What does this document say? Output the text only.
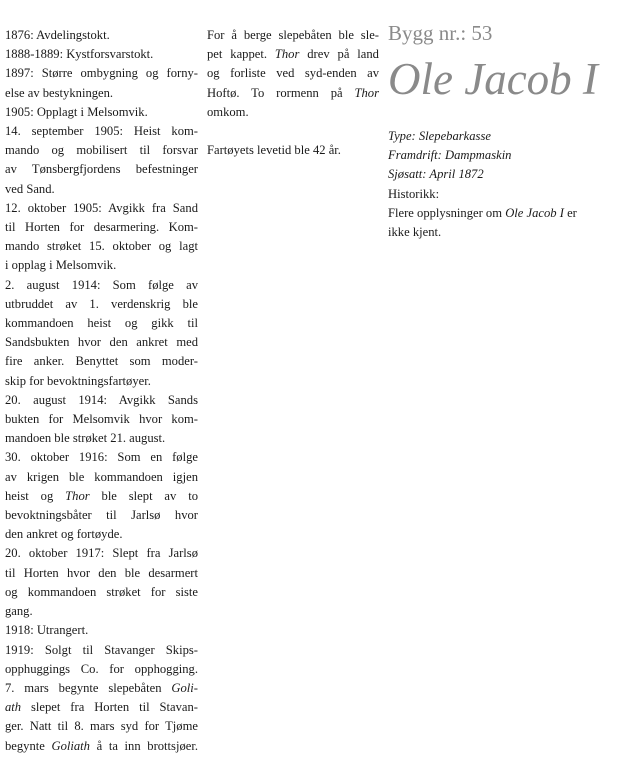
1876: Avdelingstokt.
1888-1889: Kystforsvarstokt.
1897: Større ombygning og forny-
else av bestykningen.
1905: Opplagt i Melsomvik.
14. september 1905: Heist kom-
mando og mobilisert til forsvar
av Tønsbergfjordens befestninger
ved Sand.
12. oktober 1905: Avgikk fra Sand
til Horten for desarmering. Kom-
mando strøket 15. oktober og lagt
i opplag i Melsomvik.
2. august 1914: Som følge av
utbruddet av 1. verdenskrig ble
kommandoen heist og gikk til
Sandsbukten hvor den ankret med
fire anker. Benyttet som moder-
skip for bevoktningsfartøyer.
20. august 1914: Avgikk Sands
bukten for Melsomvik hvor kom-
mandoen ble strøket 21. august.
30. oktober 1916: Som en følge
av krigen ble kommandoen igjen
heist og Thor ble slept av to
bevoktningsbåter til Jarlsø hvor
den ankret og fortøyde.
20. oktober 1917: Slept fra Jarlsø
til Horten hvor den ble desarmert
og kommandoen strøket for siste
gang.
1918: Utrangert.
1919: Solgt til Stavanger Skips-
opphuggings Co. for opphogging.
7. mars begynte slepebåten Goli-
ath slepet fra Horten til Stavan-
ger. Natt til 8. mars syd for Tjøme
begynte Goliath å ta inn brottsjøer.
For å berge slepebåten ble sle-
pet kappet. Thor drev på land
og forliste ved syd-enden av
Hoftø. To rormenn på Thor
omkom.
Fartøyets levetid ble 42 år.

Bygg nr.: 53

Ole Jacob I
Type: Slepebarkasse
Framdrift: Dampmaskin
Sjøsatt: April 1872
Historikk:
Flere opplysninger om Ole Jacob I er
ikke kjent.
